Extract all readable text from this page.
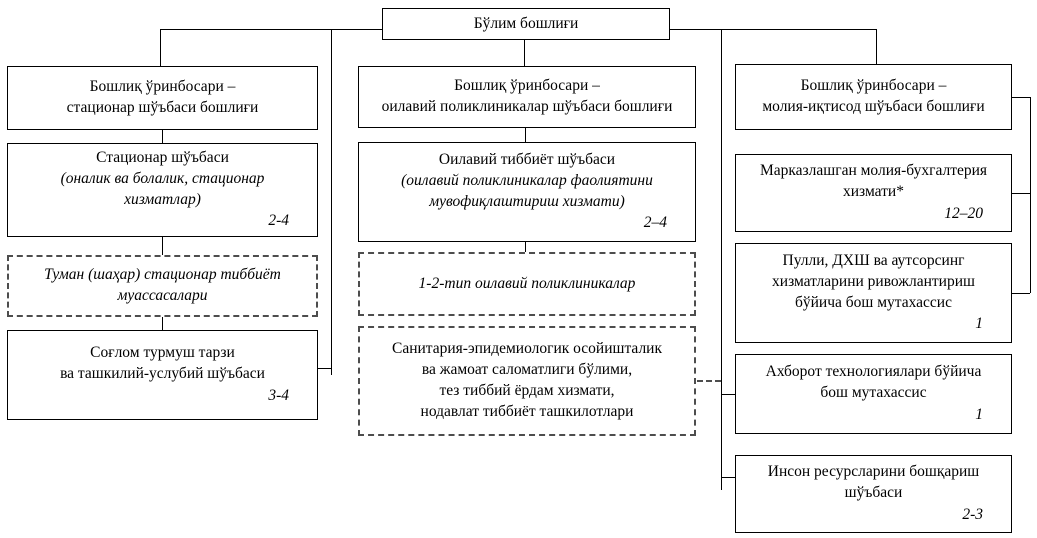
Бўлим бошлиғи
Бошлиқ ўринбосари –
стационар шўъбаси бошлиғи
Стационар шўъбаси
(оналик ва болалик, стационар
хизматлар)
2-4
Туман (шаҳар) стационар тиббиёт
муассасалари
Соғлом турмуш тарзи
ва ташкилий-услубий шўъбаси
3-4
Бошлиқ ўринбосари –
оилавий поликлиникалар шўъбаси бошлиғи
Оилавий тиббиёт шўъбаси
(оилавий поликлиникалар фаолиятини
мувофиқлаштириш хизмати)
2–4
1-2-тип оилавий поликлиникалар
Санитария-эпидемиологик осойишталик
ва жамоат саломатлиги бўлими,
тез тиббий ёрдам хизмати,
нодавлат тиббиёт ташкилотлари
Бошлиқ ўринбосари –
молия-иқтисод шўъбаси бошлиғи
Марказлашган молия-бухгалтерия
хизмати*
12–20
Пулли, ДХШ ва аутсорсинг
хизматларини ривожлантириш
бўйича бош мутахассис
1
Ахборот технологиялари бўйича
бош мутахассис
1
Инсон ресурсларини бошқариш
шўъбаси
2-3
